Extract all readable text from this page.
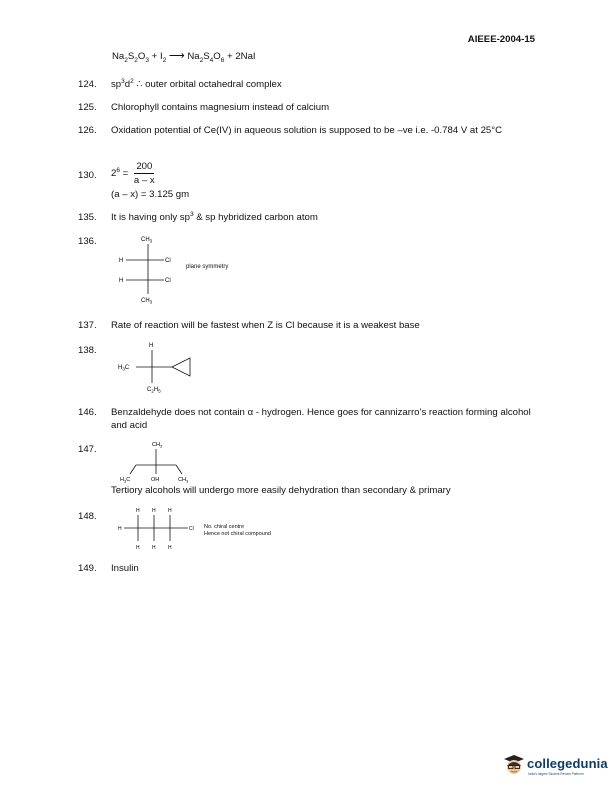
AIEEE-2004-15
$Na_2S_2O_3 + I_2$ ⟶ $Na_2S_4O_6 + 2NaI$
124. $sp^3d^2$ ∴ outer orbital octahedral complex
125. Chlorophyll contains magnesium instead of calcium
126. Oxidation potential of Ce(IV) in aqueous solution is supposed to be –ve i.e. -0.784 V at 25°C
130. $2^6 = \frac{200}{a - x}$
(a – x) = 3.125 gm
135. It is having only $sp^3$ & sp hybridized carbon atom
136.	$CH_3$
H	Cl
H	Cl
$CH_3$
plane symmetry
137. Rate of reaction will be fastest when Z is Cl because it is a weakest base
138.	H
$H_3C$
$C_2H_5$
146. Benzaldehyde does not contain α - hydrogen. Hence goes for cannizarro’s reaction forming alcohol and acid
147.	$CH_3$
$H_3C$	OH	$CH_3$
Tertiory alcohols will undergo more easily dehydration than secondary & primary
148.	H H H
H	Cl
H H H
No. chiral centre
Hence not chiral compound
149. Insulin
collegedunia
India's largest Student Review Platform
